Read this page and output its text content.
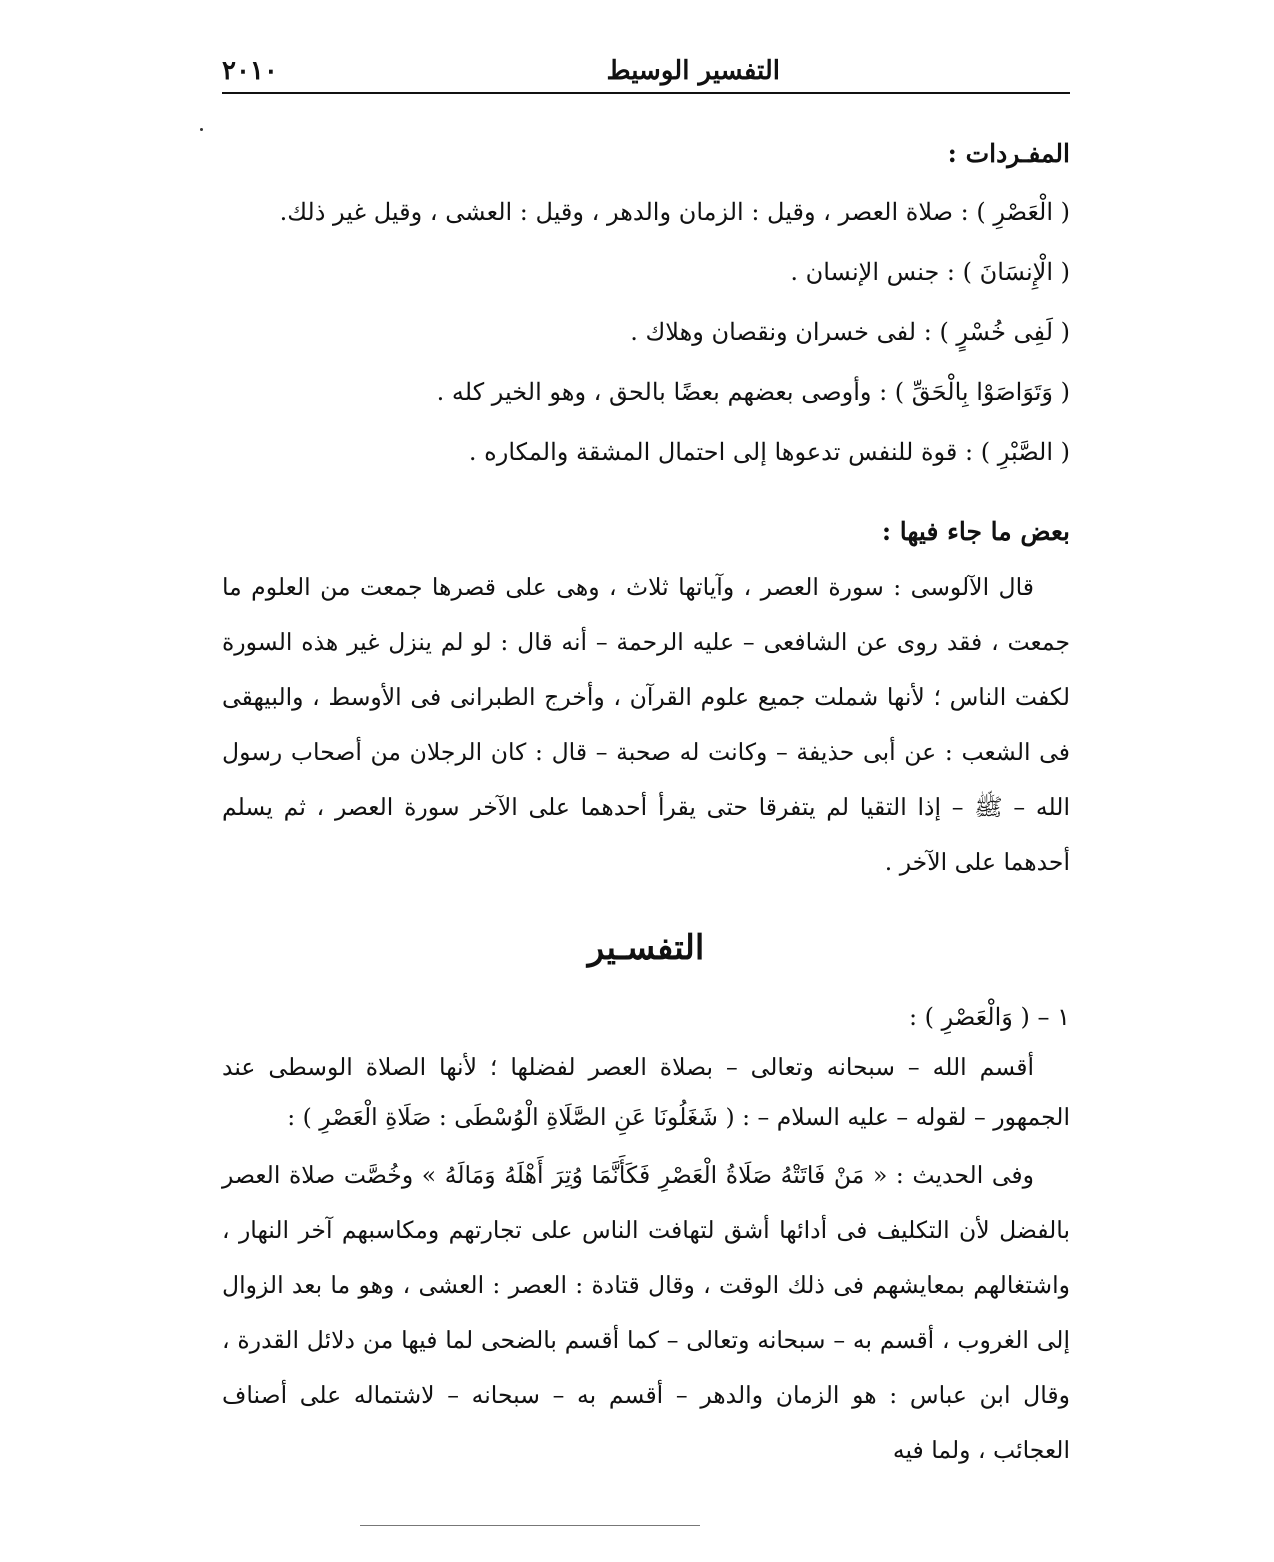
التفسير الوسيط
٢٠١٠
المفـردات :
( الْعَصْرِ ) : صلاة العصر ، وقيل : الزمان والدهر ، وقيل : العشى ، وقيل غير ذلك.
( الْإِنسَانَ ) : جنس الإنسان .
( لَفِى خُسْرٍ ) : لفى خسران ونقصان وهلاك .
( وَتَوَاصَوْا بِالْحَقِّ ) : وأوصى بعضهم بعضًا بالحق ، وهو الخير كله .
( الصَّبْرِ ) : قوة للنفس تدعوها إلى احتمال المشقة والمكاره .
بعض ما جاء فيها :

قال الآلوسى : سورة العصر ، وآياتها ثلاث ، وهى على قصرها جمعت من العلوم ما جمعت ، فقد روى عن الشافعى – عليه الرحمة – أنه قال : لو لم ينزل غير هذه السورة لكفت الناس ؛ لأنها شملت جميع علوم القرآن ، وأخرج الطبرانى فى الأوسط ، والبيهقى فى الشعب : عن أبى حذيفة – وكانت له صحبة – قال : كان الرجلان من أصحاب رسول الله – ﷺ – إذا التقيا لم يتفرقا حتى يقرأ أحدهما على الآخر سورة العصر ، ثم يسلم أحدهما على الآخر .

التفسـير

١ – ( وَالْعَصْرِ ) :

أقسم الله – سبحانه وتعالى – بصلاة العصر لفضلها ؛ لأنها الصلاة الوسطى عند الجمهور – لقوله – عليه السلام – : ( شَغَلُونَا عَنِ الصَّلَاةِ الْوُسْطَى : صَلَاةِ الْعَصْرِ ) :

وفى الحديث : « مَنْ فَاتَتْهُ صَلَاةُ الْعَصْرِ فَكَأَنَّمَا وُتِرَ أَهْلَهُ وَمَالَهُ » وخُصَّت صلاة العصر بالفضل لأن التكليف فى أدائها أشق لتهافت الناس على تجارتهم ومكاسبهم آخر النهار ، واشتغالهم بمعايشهم فى ذلك الوقت ، وقال قتادة : العصر : العشى ، وهو ما بعد الزوال إلى الغروب ، أقسم به – سبحانه وتعالى – كما أقسم بالضحى لما فيها من دلائل القدرة ، وقال ابن عباس : هو الزمان والدهر – أقسم به – سبحانه – لاشتماله على أصناف العجائب ، ولما فيه
